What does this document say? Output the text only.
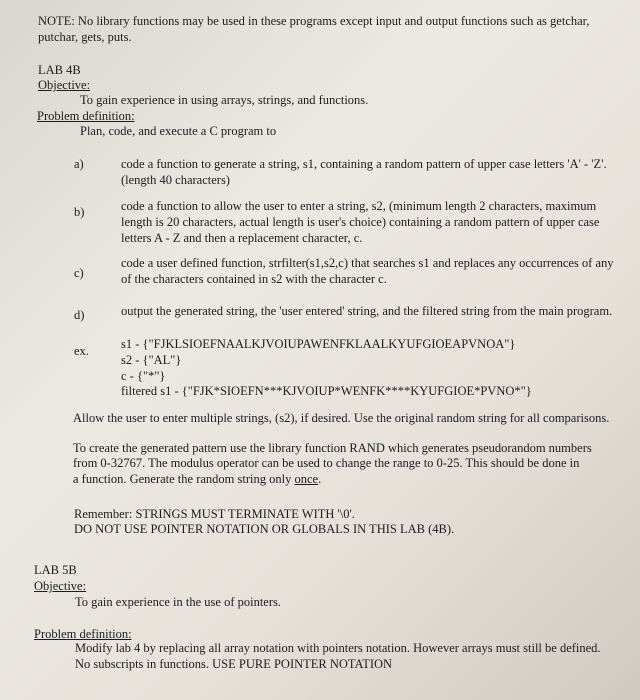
NOTE: No library functions may be used in these programs except input and output functions such as getchar,
putchar, gets, puts.
LAB 4B
Objective:
To gain experience in using arrays, strings, and functions.
Problem definition:
Plan, code, and execute a C program to
a)	code a function to generate a string, s1, containing a random pattern of upper case letters 'A' - 'Z'.
(length 40 characters)
b)	code a function to allow the user to enter a string, s2, (minimum length 2 characters, maximum
length is 20 characters, actual length is user's choice) containing a random pattern of upper case
letters A - Z and then a replacement character, c.
c)
code a user defined function, strfilter(s1,s2,c) that searches s1 and replaces any occurrences of any
of the characters contained in s2 with the character c.
d)	output the generated string, the 'user entered' string, and the filtered string from the main program.
ex.	s1 - {"FJKLSIOEFNAALKJVOIUPAWENFKLAALKYUFGIOEAPVNOA"}
s2 - {"AL"}
c - {"*"}
filtered s1 - {"FJK*SIOEFN***KJVOIUP*WENFK****KYUFGIOE*PVNO*"}
Allow the user to enter multiple strings, (s2), if desired. Use the original random string for all comparisons.
To create the generated pattern use the library function RAND which generates pseudorandom numbers
from 0-32767. The modulus operator can be used to change the range to 0-25. This should be done in
a function. Generate the random string only once.
Remember: STRINGS MUST TERMINATE WITH '\0'.
DO NOT USE POINTER NOTATION OR GLOBALS IN THIS LAB (4B).
LAB 5B
Objective:
To gain experience in the use of pointers.
Problem definition:
Modify lab 4 by replacing all array notation with pointers notation. However arrays must still be defined.
No subscripts in functions. USE PURE POINTER NOTATION
